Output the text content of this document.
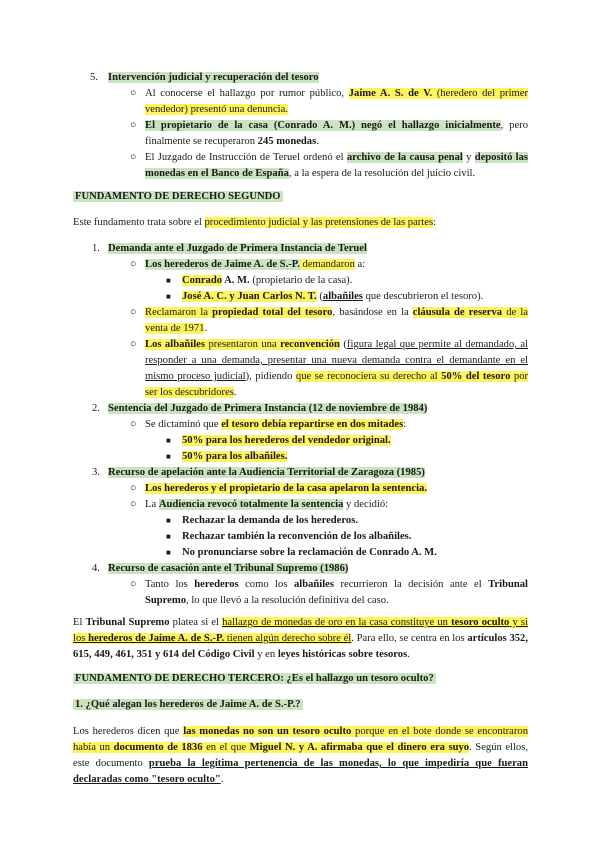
5. Intervención judicial y recuperación del tesoro
○ Al conocerse el hallazgo por rumor público, Jaime A. S. de V. (heredero del primer vendedor) presentó una denuncia.
○ El propietario de la casa (Conrado A. M.) negó el hallazgo inicialmente, pero finalmente se recuperaron 245 monedas.
○ El Juzgado de Instrucción de Teruel ordenó el archivo de la causa penal y depositó las monedas en el Banco de España, a la espera de la resolución del juicio civil.
FUNDAMENTO DE DERECHO SEGUNDO
Este fundamento trata sobre el procedimiento judicial y las pretensiones de las partes:
1. Demanda ante el Juzgado de Primera Instancia de Teruel
○ Los herederos de Jaime A. de S.-P. demandaron a:
■ Conrado A. M. (propietario de la casa).
■ José A. C. y Juan Carlos N. T. (albañiles que descubrieron el tesoro).
○ Reclamaron la propiedad total del tesoro, basándose en la cláusula de reserva de la venta de 1971.
○ Los albañiles presentaron una reconvención (figura legal que permite al demandado, al responder a una demanda, presentar una nueva demanda contra el demandante en el mismo proceso judicial), pidiendo que se reconociera su derecho al 50% del tesoro por ser los descubridores.
2. Sentencia del Juzgado de Primera Instancia (12 de noviembre de 1984)
○ Se dictaminó que el tesoro debía repartirse en dos mitades:
■ 50% para los herederos del vendedor original.
■ 50% para los albañiles.
3. Recurso de apelación ante la Audiencia Territorial de Zaragoza (1985)
○ Los herederos y el propietario de la casa apelaron la sentencia.
○ La Audiencia revocó totalmente la sentencia y decidió:
■ Rechazar la demanda de los herederos.
■ Rechazar también la reconvención de los albañiles.
■ No pronunciarse sobre la reclamación de Conrado A. M.
4. Recurso de casación ante el Tribunal Supremo (1986)
○ Tanto los herederos como los albañiles recurrieron la decisión ante el Tribunal Supremo, lo que llevó a la resolución definitiva del caso.
El Tribunal Supremo platea si el hallazgo de monedas de oro en la casa constituye un tesoro oculto y si los herederos de Jaime A. de S.-P. tienen algún derecho sobre él. Para ello, se centra en los artículos 352, 615, 449, 461, 351 y 614 del Código Civil y en leyes históricas sobre tesoros.
FUNDAMENTO DE DERECHO TERCERO: ¿Es el hallazgo un tesoro oculto?
1. ¿Qué alegan los herederos de Jaime A. de S.-P.?
Los herederos dicen que las monedas no son un tesoro oculto porque en el bote donde se encontraron había un documento de 1836 en el que Miguel N. y A. afirmaba que el dinero era suyo. Según ellos, este documento prueba la legítima pertenencia de las monedas, lo que impediría que fueran declaradas como "tesoro oculto".
